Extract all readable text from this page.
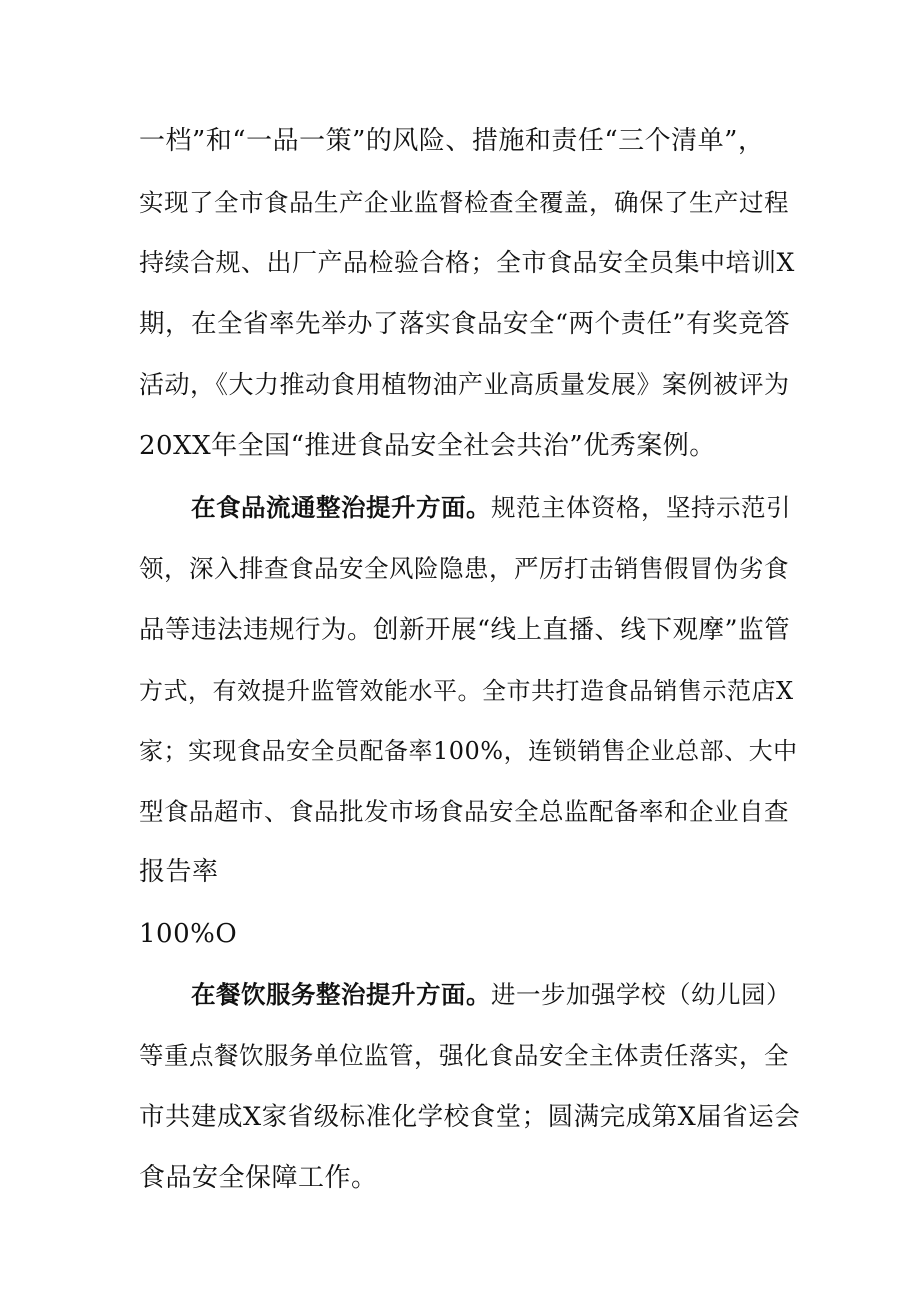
一档”和“一品一策”的风险、措施和责任“三个清单”，
实现了全市食品生产企业监督检查全覆盖，确保了生产过程
持续合规、出厂产品检验合格；全市食品安全员集中培训X
期，在全省率先举办了落实食品安全“两个责任”有奖竞答
活动，《大力推动食用植物油产业高质量发展》案例被评为
20XX年全国“推进食品安全社会共治”优秀案例。
在食品流通整治提升方面。规范主体资格，坚持示范引
领，深入排查食品安全风险隐患，严厉打击销售假冒伪劣食
品等违法违规行为。创新开展“线上直播、线下观摩”监管
方式，有效提升监管效能水平。全市共打造食品销售示范店X
家；实现食品安全员配备率100%，连锁销售企业总部、大中
型食品超市、食品批发市场食品安全总监配备率和企业自查
报告率
100%O
在餐饮服务整治提升方面。进一步加强学校（幼儿园）
等重点餐饮服务单位监管，强化食品安全主体责任落实，全
市共建成X家省级标准化学校食堂；圆满完成第X届省运会
食品安全保障工作。
